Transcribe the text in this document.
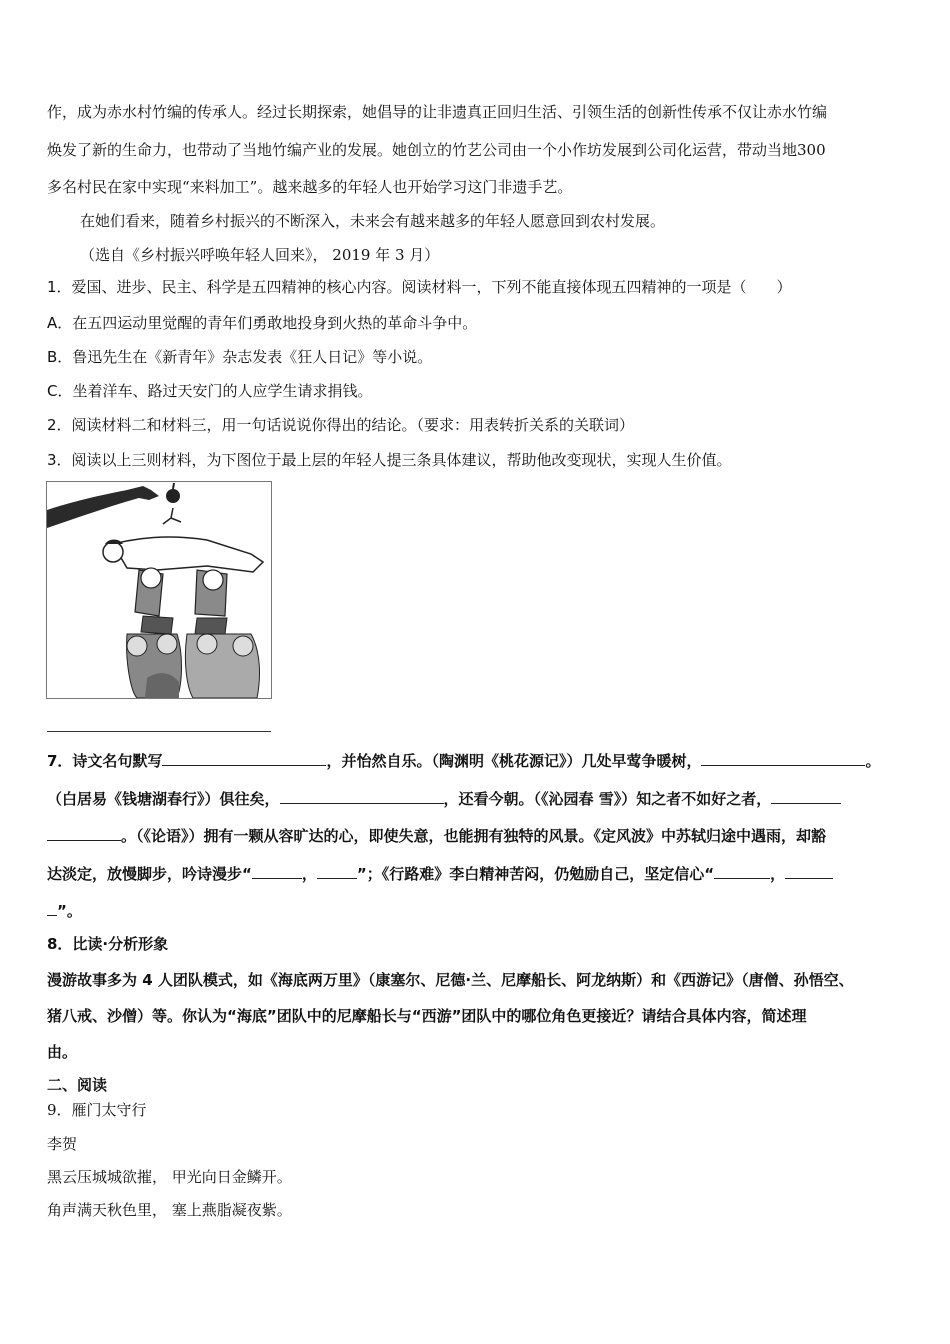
作，成为赤水村竹编的传承人。经过长期探索，她倡导的让非遗真正回归生活、引领生活的创新性传承不仅让赤水竹编
焕发了新的生命力，也带动了当地竹编产业的发展。她创立的竹艺公司由一个小作坊发展到公司化运营，带动当地300
多名村民在家中实现“来料加工”。越来越多的年轻人也开始学习这门非遗手艺。
在她们看来，随着乡村振兴的不断深入，未来会有越来越多的年轻人愿意回到农村发展。
（选自《乡村振兴呼唤年轻人回来》， 2019 年 3 月）
1．爱国、进步、民主、科学是五四精神的核心内容。阅读材料一，下列不能直接体现五四精神的一项是（　　）
A．在五四运动里觉醒的青年们勇敢地投身到火热的革命斗争中。
B．鲁迅先生在《新青年》杂志发表《狂人日记》等小说。
C．坐着洋车、路过天安门的人应学生请求捐钱。
2．阅读材料二和材料三，用一句话说说你得出的结论。（要求：用表转折关系的关联词）
3．阅读以上三则材料，为下图位于最上层的年轻人提三条具体建议，帮助他改变现状，实现人生价值。
7．诗文名句默写	，并怡然自乐。（陶渊明《桃花源记》）几处早莺争暖树，	。
（白居易《钱塘湖春行》）俱往矣，	，还看今朝。（《沁园春 雪》）知之者不如好之者，
。（《论语》）拥有一颗从容旷达的心，即使失意，也能拥有独特的风景。《定风波》中苏轼归途中遇雨，却豁
达淡定，放慢脚步，吟诗漫步“	，	”；《行路难》李白精神苦闷，仍勉励自己，坚定信心“	，
”。
8．比读·分析形象
漫游故事多为 4 人团队模式，如《海底两万里》（康塞尔、尼德·兰、尼摩船长、阿龙纳斯）和《西游记》（唐僧、孙悟空、
猪八戒、沙僧）等。你认为“海底”团队中的尼摩船长与“西游”团队中的哪位角色更接近？请结合具体内容，简述理
由。
二、阅读
9．雁门太守行
李贺
黑云压城城欲摧， 甲光向日金鳞开。
角声满天秋色里， 塞上燕脂凝夜紫。
